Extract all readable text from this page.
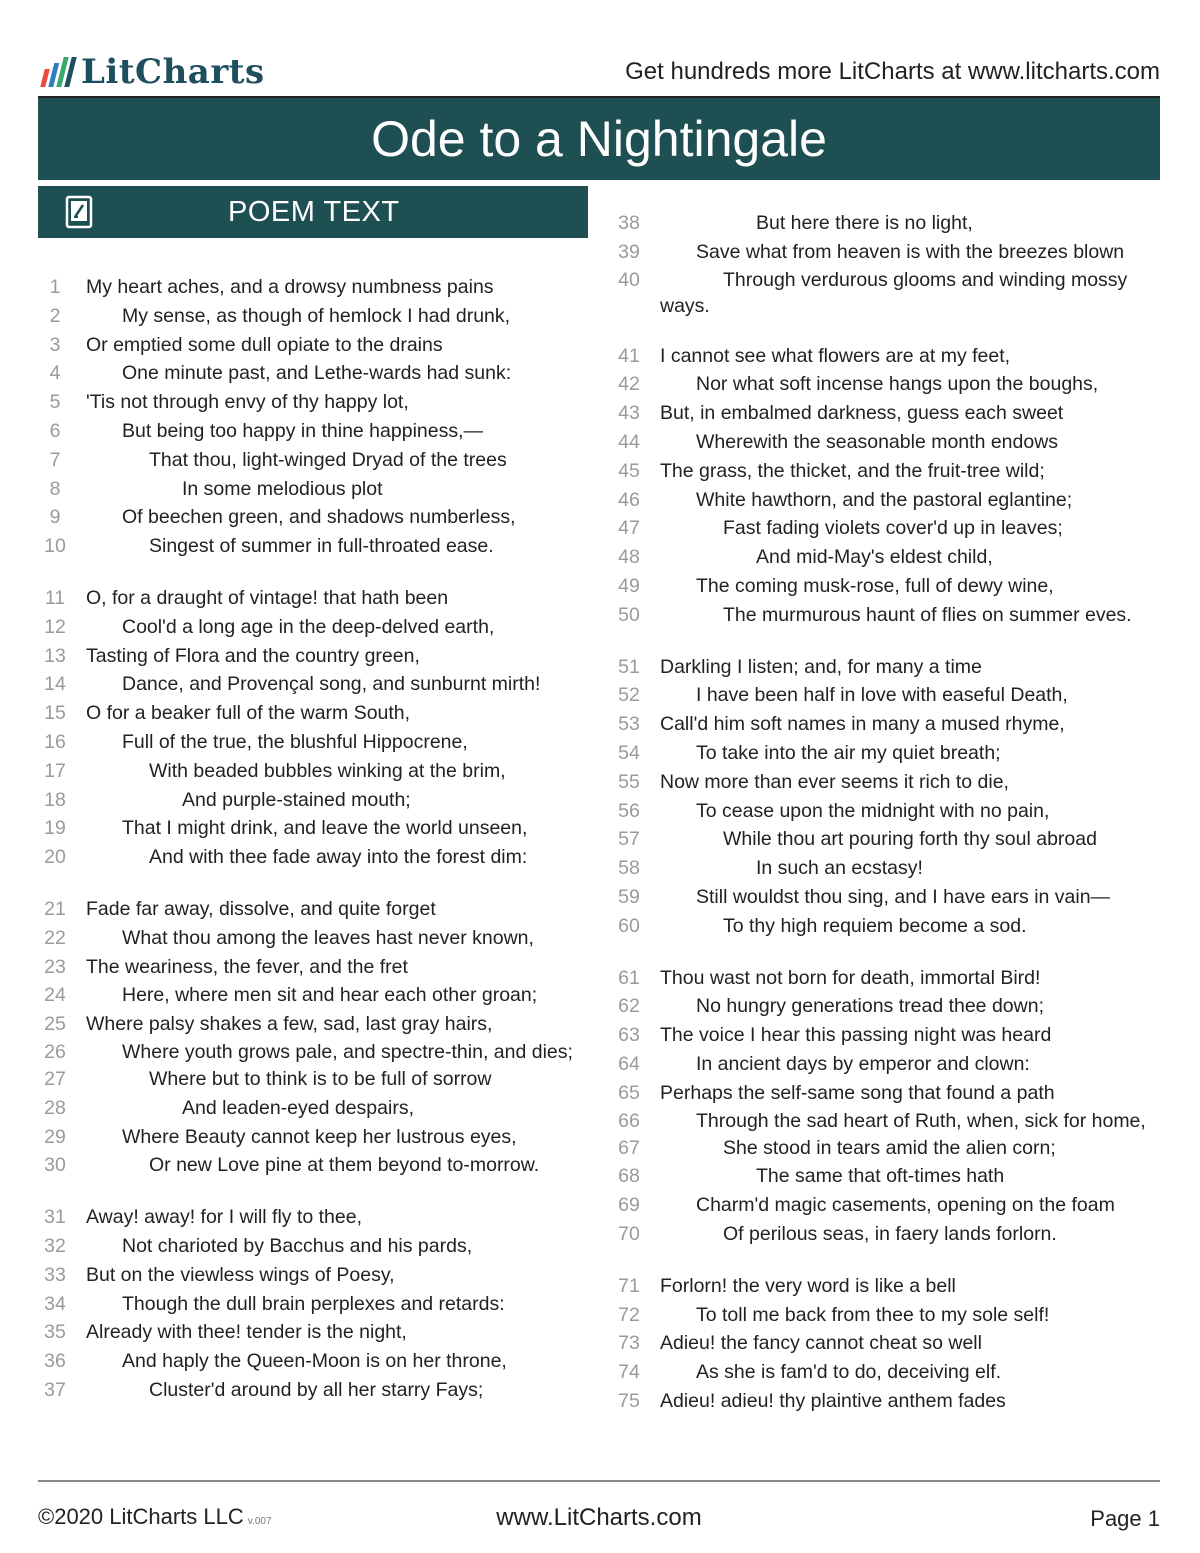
LitCharts	Get hundreds more LitCharts at www.litcharts.com
Ode to a Nightingale
POEM TEXT
1	My heart aches, and a drowsy numbness pains
2	My sense, as though of hemlock I had drunk,
3	Or emptied some dull opiate to the drains
4	One minute past, and Lethe-wards had sunk:
5	'Tis not through envy of thy happy lot,
6	But being too happy in thine happiness,—
7	That thou, light-winged Dryad of the trees
8	In some melodious plot
9	Of beechen green, and shadows numberless,
10	Singest of summer in full-throated ease.
11	O, for a draught of vintage! that hath been
12	Cool'd a long age in the deep-delved earth,
13	Tasting of Flora and the country green,
14	Dance, and Provençal song, and sunburnt mirth!
15	O for a beaker full of the warm South,
16	Full of the true, the blushful Hippocrene,
17	With beaded bubbles winking at the brim,
18	And purple-stained mouth;
19	That I might drink, and leave the world unseen,
20	And with thee fade away into the forest dim:
21	Fade far away, dissolve, and quite forget
22	What thou among the leaves hast never known,
23	The weariness, the fever, and the fret
24	Here, where men sit and hear each other groan;
25	Where palsy shakes a few, sad, last gray hairs,
26	Where youth grows pale, and spectre-thin, and dies;
27	Where but to think is to be full of sorrow
28	And leaden-eyed despairs,
29	Where Beauty cannot keep her lustrous eyes,
30	Or new Love pine at them beyond to-morrow.
31	Away! away! for I will fly to thee,
32	Not charioted by Bacchus and his pards,
33	But on the viewless wings of Poesy,
34	Though the dull brain perplexes and retards:
35	Already with thee! tender is the night,
36	And haply the Queen-Moon is on her throne,
37	Cluster'd around by all her starry Fays;
38	But here there is no light,
39	Save what from heaven is with the breezes blown
40	Through verdurous glooms and winding mossy ways.
41	I cannot see what flowers are at my feet,
42	Nor what soft incense hangs upon the boughs,
43	But, in embalmed darkness, guess each sweet
44	Wherewith the seasonable month endows
45	The grass, the thicket, and the fruit-tree wild;
46	White hawthorn, and the pastoral eglantine;
47	Fast fading violets cover'd up in leaves;
48	And mid-May's eldest child,
49	The coming musk-rose, full of dewy wine,
50	The murmurous haunt of flies on summer eves.
51	Darkling I listen; and, for many a time
52	I have been half in love with easeful Death,
53	Call'd him soft names in many a mused rhyme,
54	To take into the air my quiet breath;
55	Now more than ever seems it rich to die,
56	To cease upon the midnight with no pain,
57	While thou art pouring forth thy soul abroad
58	In such an ecstasy!
59	Still wouldst thou sing, and I have ears in vain—
60	To thy high requiem become a sod.
61	Thou wast not born for death, immortal Bird!
62	No hungry generations tread thee down;
63	The voice I hear this passing night was heard
64	In ancient days by emperor and clown:
65	Perhaps the self-same song that found a path
66	Through the sad heart of Ruth, when, sick for home,
67	She stood in tears amid the alien corn;
68	The same that oft-times hath
69	Charm'd magic casements, opening on the foam
70	Of perilous seas, in faery lands forlorn.
71	Forlorn! the very word is like a bell
72	To toll me back from thee to my sole self!
73	Adieu! the fancy cannot cheat so well
74	As she is fam'd to do, deceiving elf.
75	Adieu! adieu! thy plaintive anthem fades
©2020 LitCharts LLC v.007	www.LitCharts.com	Page 1
